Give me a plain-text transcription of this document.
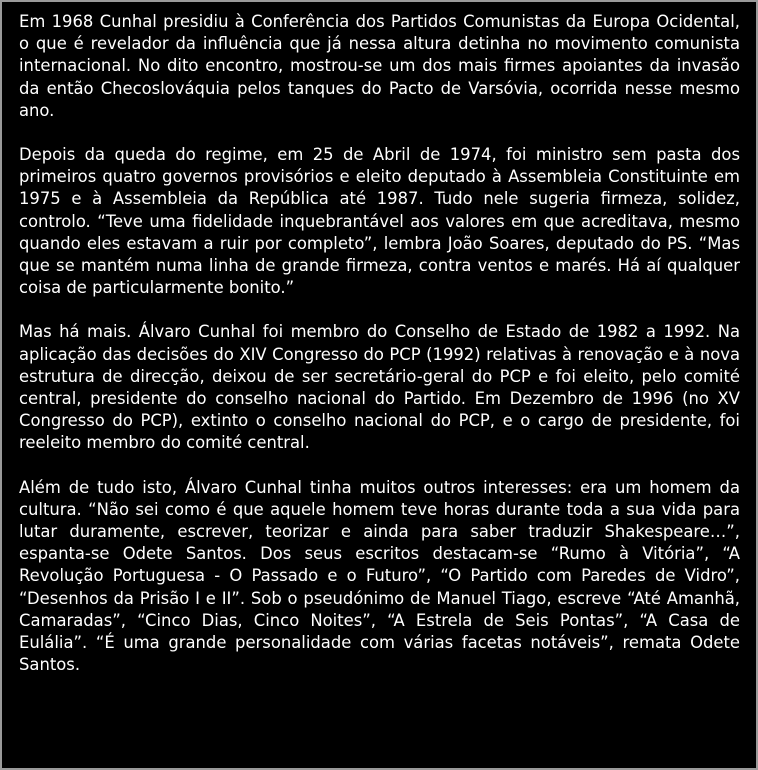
Em 1968 Cunhal presidiu à Conferência dos Partidos Comunistas da Europa Ocidental, o que é revelador da influência que já nessa altura detinha no movimento comunista internacional. No dito encontro, mostrou-se um dos mais firmes apoiantes da invasão da então Checoslováquia pelos tanques do Pacto de Varsóvia, ocorrida nesse mesmo ano.

Depois da queda do regime, em 25 de Abril de 1974, foi ministro sem pasta dos primeiros quatro governos provisórios e eleito deputado à Assembleia Constituinte em 1975 e à Assembleia da República até 1987. Tudo nele sugeria firmeza, solidez, controlo. “Teve uma fidelidade inquebrantável aos valores em que acreditava, mesmo quando eles estavam a ruir por completo”, lembra João Soares, deputado do PS. “Mas que se mantém numa linha de grande firmeza, contra ventos e marés. Há aí qualquer coisa de particularmente bonito.”

Mas há mais. Álvaro Cunhal foi membro do Conselho de Estado de 1982 a 1992. Na aplicação das decisões do XIV Congresso do PCP (1992) relativas à renovação e à nova estrutura de direcção, deixou de ser secretário-geral do PCP e foi eleito, pelo comité central, presidente do conselho nacional do Partido. Em Dezembro de 1996 (no XV Congresso do PCP), extinto o conselho nacional do PCP, e o cargo de presidente, foi reeleito membro do comité central.

Além de tudo isto, Álvaro Cunhal tinha muitos outros interesses: era um homem da cultura. “Não sei como é que aquele homem teve horas durante toda a sua vida para lutar duramente, escrever, teorizar e ainda para saber traduzir Shakespeare…”, espanta-se Odete Santos. Dos seus escritos destacam-se “Rumo à Vitória”, “A Revolução Portuguesa - O Passado e o Futuro”, “O Partido com Paredes de Vidro”, “Desenhos da Prisão I e II”. Sob o pseudónimo de Manuel Tiago, escreve “Até Amanhã, Camaradas”, “Cinco Dias, Cinco Noites”, “A Estrela de Seis Pontas”, “A Casa de Eulália”. “É uma grande personalidade com várias facetas notáveis”, remata Odete Santos.
